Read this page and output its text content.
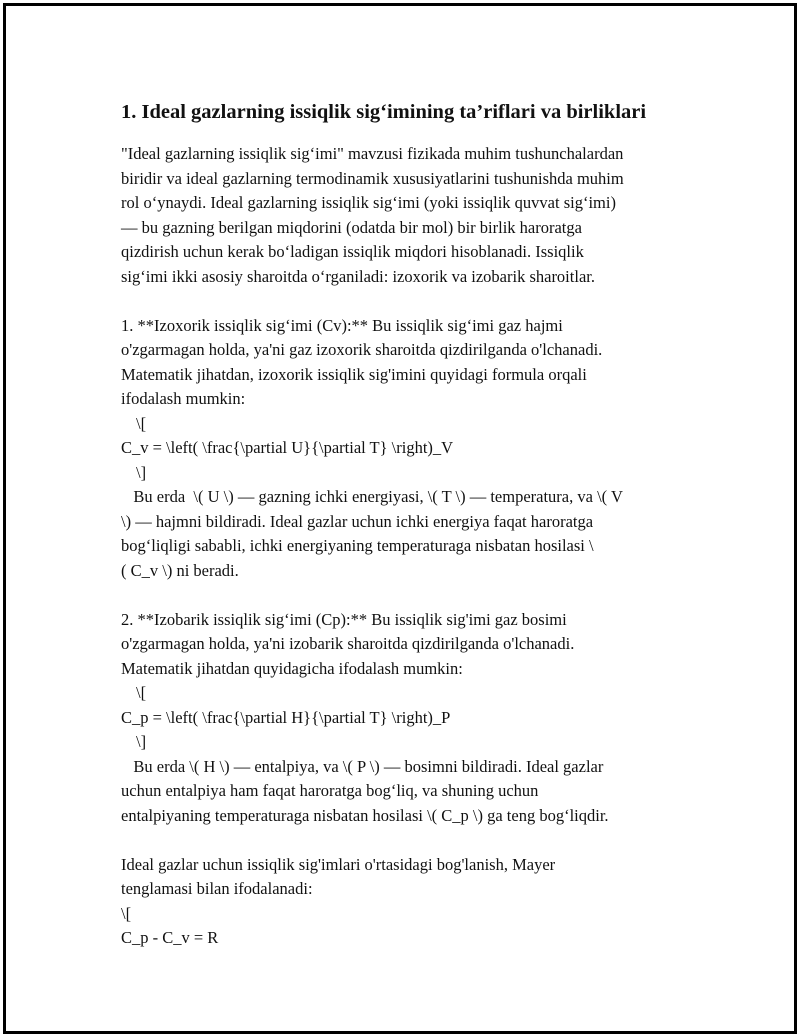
1. Ideal gazlarning issiqlik sig‘imining ta’riflari va birliklari
"Ideal gazlarning issiqlik sig‘imi" mavzusi fizikada muhim tushunchalardan
biridir va ideal gazlarning termodinamik xususiyatlarini tushunishda muhim
rol o‘ynaydi. Ideal gazlarning issiqlik sig‘imi (yoki issiqlik quvvat sig‘imi)
— bu gazning berilgan miqdorini (odatda bir mol) bir birlik haroratga
qizdirish uchun kerak bo‘ladigan issiqlik miqdori hisoblanadi. Issiqlik
sig‘imi ikki asosiy sharoitda o‘rganiladi: izoxorik va izobarik sharoitlar.
1. **Izoxorik issiqlik sig‘imi (Cv):** Bu issiqlik sig‘imi gaz hajmi
o'zgarmagan holda, ya'ni gaz izoxorik sharoitda qizdirilganda o'lchanadi.
Matematik jihatdan, izoxorik issiqlik sig'imini quyidagi formula orqali
ifodalash mumkin:
\[
C_v = \left( \frac{\partial U}{\partial T} \right)_V
\]
Bu erda  \( U \) — gazning ichki energiyasi, \( T \) — temperatura, va \( V
\) — hajmni bildiradi. Ideal gazlar uchun ichki energiya faqat haroratga
bog‘liqligi sababli, ichki energiyaning temperaturaga nisbatan hosilasi \
( C_v \) ni beradi.
2. **Izobarik issiqlik sig‘imi (Cp):** Bu issiqlik sig'imi gaz bosimi
o'zgarmagan holda, ya'ni izobarik sharoitda qizdirilganda o'lchanadi.
Matematik jihatdan quyidagicha ifodalash mumkin:
\[
C_p = \left( \frac{\partial H}{\partial T} \right)_P
\]
Bu erda \( H \) — entalpiya, va \( P \) — bosimni bildiradi. Ideal gazlar
uchun entalpiya ham faqat haroratga bog‘liq, va shuning uchun
entalpiyaning temperaturaga nisbatan hosilasi \( C_p \) ga teng bog‘liqdir.
Ideal gazlar uchun issiqlik sig'imlari o'rtasidagi bog'lanish, Mayer
tenglamasi bilan ifodalanadi:
\[
C_p - C_v = R
